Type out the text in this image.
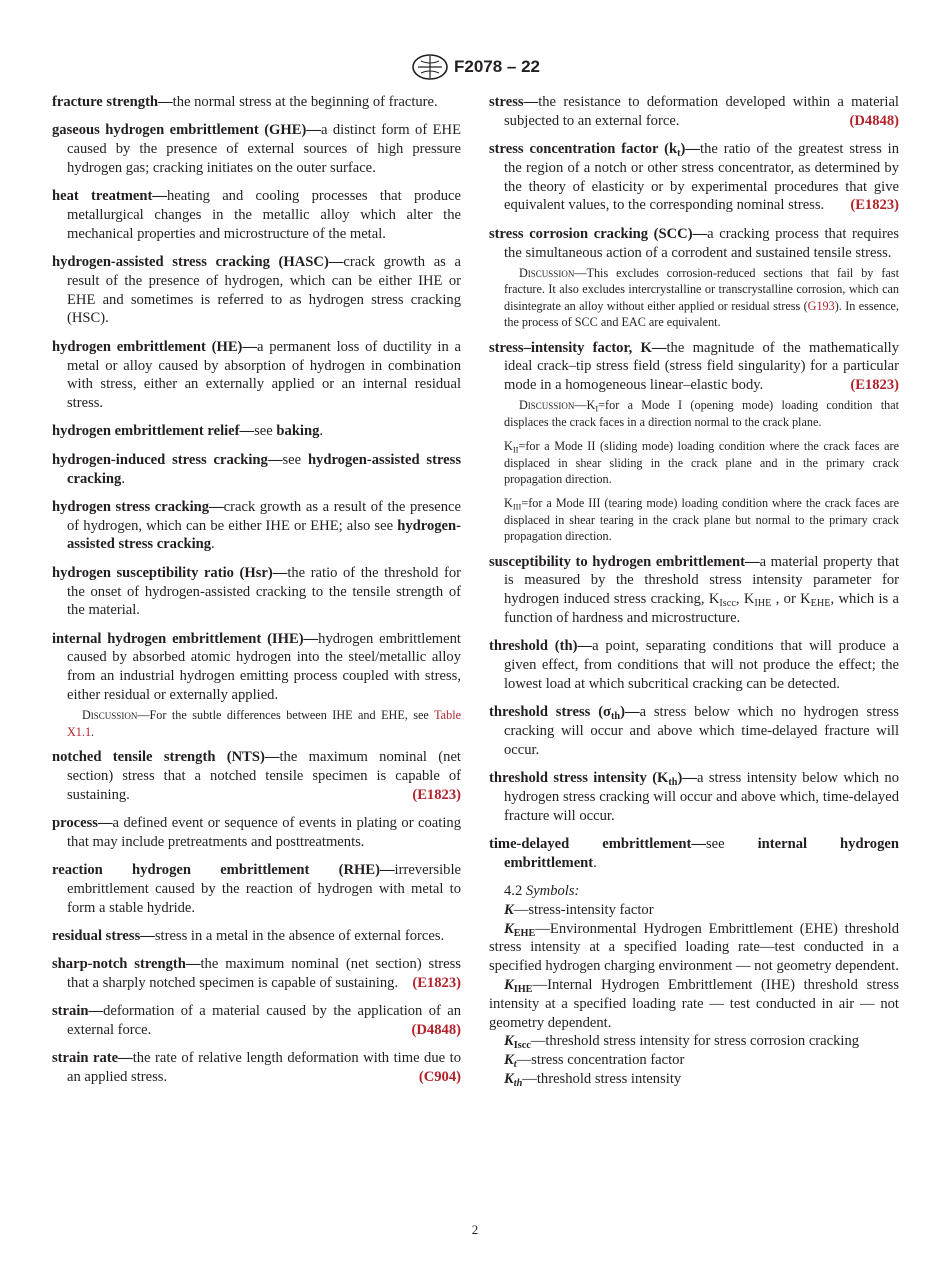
F2078 – 22

fracture strength—the normal stress at the beginning of fracture.

gaseous hydrogen embrittlement (GHE)—a distinct form of EHE caused by the presence of external sources of high pressure hydrogen gas; cracking initiates on the outer surface.

heat treatment—heating and cooling processes that produce metallurgical changes in the metallic alloy which alter the mechanical properties and microstructure of the metal.

hydrogen-assisted stress cracking (HASC)—crack growth as a result of the presence of hydrogen, which can be either IHE or EHE and sometimes is referred to as hydrogen stress cracking (HSC).

hydrogen embrittlement (HE)—a permanent loss of ductility in a metal or alloy caused by absorption of hydrogen in combination with stress, either an externally applied or an internal residual stress.

hydrogen embrittlement relief—see baking.

hydrogen-induced stress cracking—see hydrogen-assisted stress cracking.

hydrogen stress cracking—crack growth as a result of the presence of hydrogen, which can be either IHE or EHE; also see hydrogen-assisted stress cracking.

hydrogen susceptibility ratio (Hsr)—the ratio of the threshold for the onset of hydrogen-assisted cracking to the tensile strength of the material.

internal hydrogen embrittlement (IHE)—hydrogen embrittlement caused by absorbed atomic hydrogen into the steel/metallic alloy from an industrial hydrogen emitting process coupled with stress, either residual or externally applied.

Discussion—For the subtle differences between IHE and EHE, see Table X1.1.

notched tensile strength (NTS)—the maximum nominal (net section) stress that a notched tensile specimen is capable of sustaining.	(E1823)

process—a defined event or sequence of events in plating or coating that may include pretreatments and posttreatments.

reaction hydrogen embrittlement (RHE)—irreversible embrittlement caused by the reaction of hydrogen with metal to form a stable hydride.

residual stress—stress in a metal in the absence of external forces.

sharp-notch strength—the maximum nominal (net section) stress that a sharply notched specimen is capable of sustaining. (E1823)

strain—deformation of a material caused by the application of an external force.	(D4848)

strain rate—the rate of relative length deformation with time due to an applied stress.	(C904)

stress—the resistance to deformation developed within a material subjected to an external force.	(D4848)

stress concentration factor $(k_t)—the$ ratio of the greatest stress in the region of a notch or other stress concentrator, as determined by the theory of elasticity or by experimental procedures that give equivalent values, to the corresponding nominal stress. (E1823)

stress corrosion cracking (SCC)—a cracking process that requires the simultaneous action of a corrodent and sustained tensile stress.

Discussion—This excludes corrosion-reduced sections that fail by fast fracture. It also excludes intercrystalline or transcrystalline corrosion, which can disintegrate an alloy without either applied or residual stress (G193). In essence, the process of SCC and EAC are equivalent.

stress–intensity factor, K—the magnitude of the mathematically ideal crack–tip stress field (stress field singularity) for a particular mode in a homogeneous linear–elastic body.	(E1823)

$Discussion—K_I=for$ a Mode I (opening mode) loading condition that displaces the crack faces in a direction normal to the crack plane.

$K_{II}=for$ a Mode II (sliding mode) loading condition where the crack faces are displaced in shear sliding in the crack plane and in the primary crack propagation direction.

$K_{III}=for$ a Mode III (tearing mode) loading condition where the crack faces are displaced in shear tearing in the crack plane but normal to the primary crack propagation direction.

susceptibility to hydrogen embrittlement—a material property that is measured by the threshold stress intensity parameter for hydrogen induced stress cracking, $K_{Iscc}$, $K_{IHE}$ , or $K_{EHE}$, which is a function of hardness and microstructure.

threshold (th)—a point, separating conditions that will produce a given effect, from conditions that will not produce the effect; the lowest load at which subcritical cracking can be detected.

threshold stress $(\sigma_{th})—a$ stress below which no hydrogen stress cracking will occur and above which time-delayed fracture will occur.

threshold stress intensity $(K_{th})—a$ stress intensity below which no hydrogen stress cracking will occur and above which, time-delayed fracture will occur.

time-delayed embrittlement—see internal hydrogen embrittlement.

4.2 Symbols:

K—stress-intensity factor

$K_{EHE}—Environmental$ Hydrogen Embrittlement (EHE) threshold stress intensity at a specified loading rate—test conducted in a specified hydrogen charging environment — not geometry dependent.

$K_{IHE}—Internal$ Hydrogen Embrittlement (IHE) threshold stress intensity at a specified loading rate — test conducted in air — not geometry dependent.

$K_{Iscc}—threshold$ stress intensity for stress corrosion cracking

$K_t—stress$ concentration factor

$K_{th}—threshold$ stress intensity

2
